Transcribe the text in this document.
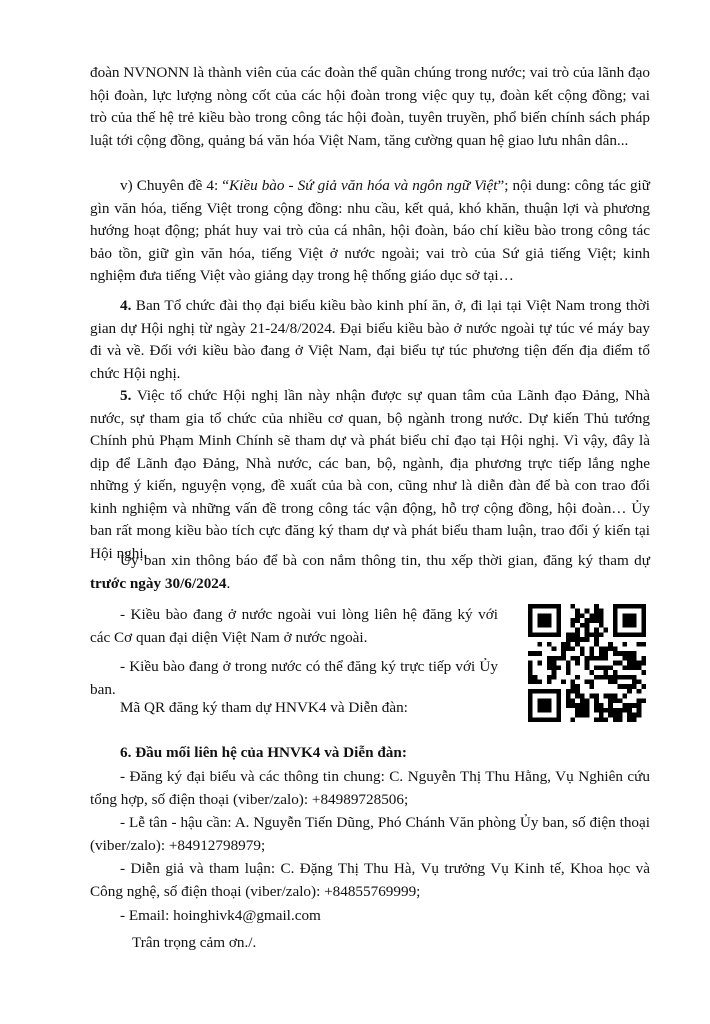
đoàn NVNONN là thành viên của các đoàn thể quần chúng trong nước; vai trò của lãnh đạo hội đoàn, lực lượng nòng cốt của các hội đoàn trong việc quy tụ, đoàn kết cộng đồng; vai trò của thế hệ trẻ kiều bào trong công tác hội đoàn, tuyên truyền, phổ biến chính sách pháp luật tới cộng đồng, quảng bá văn hóa Việt Nam, tăng cường quan hệ giao lưu nhân dân...

v) Chuyên đề 4: “Kiều bào - Sứ giả văn hóa và ngôn ngữ Việt”; nội dung: công tác giữ gìn văn hóa, tiếng Việt trong cộng đồng: nhu cầu, kết quả, khó khăn, thuận lợi và phương hướng hoạt động; phát huy vai trò của cá nhân, hội đoàn, báo chí kiều bào trong công tác bảo tồn, giữ gìn văn hóa, tiếng Việt ở nước ngoài; vai trò của Sứ giả tiếng Việt; kinh nghiệm đưa tiếng Việt vào giảng dạy trong hệ thống giáo dục sở tại…

4. Ban Tổ chức đài thọ đại biểu kiều bào kinh phí ăn, ở, đi lại tại Việt Nam trong thời gian dự Hội nghị từ ngày 21-24/8/2024. Đại biểu kiều bào ở nước ngoài tự túc vé máy bay đi và về. Đối với kiều bào đang ở Việt Nam, đại biểu tự túc phương tiện đến địa điểm tổ chức Hội nghị.

5. Việc tổ chức Hội nghị lần này nhận được sự quan tâm của Lãnh đạo Đảng, Nhà nước, sự tham gia tổ chức của nhiều cơ quan, bộ ngành trong nước. Dự kiến Thủ tướng Chính phủ Phạm Minh Chính sẽ tham dự và phát biểu chỉ đạo tại Hội nghị. Vì vậy, đây là dịp để Lãnh đạo Đảng, Nhà nước, các ban, bộ, ngành, địa phương trực tiếp lắng nghe những ý kiến, nguyện vọng, đề xuất của bà con, cũng như là diễn đàn để bà con trao đổi kinh nghiệm và những vấn đề trong công tác vận động, hỗ trợ cộng đồng, hội đoàn… Ủy ban rất mong kiều bào tích cực đăng ký tham dự và phát biểu tham luận, trao đổi ý kiến tại Hội nghị.

Ủy ban xin thông báo để bà con nắm thông tin, thu xếp thời gian, đăng ký tham dự trước ngày 30/6/2024.

- Kiều bào đang ở nước ngoài vui lòng liên hệ đăng ký với các Cơ quan đại diện Việt Nam ở nước ngoài.

- Kiều bào đang ở trong nước có thể đăng ký trực tiếp với Ủy ban.

Mã QR đăng ký tham dự HNVK4 và Diễn đàn:

6. Đầu mối liên hệ của HNVK4 và Diễn đàn:

- Đăng ký đại biểu và các thông tin chung: C. Nguyễn Thị Thu Hằng, Vụ Nghiên cứu tổng hợp, số điện thoại (viber/zalo): +84989728506;

- Lễ tân - hậu cần: A. Nguyễn Tiến Dũng, Phó Chánh Văn phòng Ủy ban, số điện thoại (viber/zalo): +84912798979;

- Diễn giả và tham luận: C. Đặng Thị Thu Hà, Vụ trưởng Vụ Kinh tế, Khoa học và Công nghệ, số điện thoại (viber/zalo): +84855769999;

- Email: hoinghivk4@gmail.com

Trân trọng cảm ơn./.
